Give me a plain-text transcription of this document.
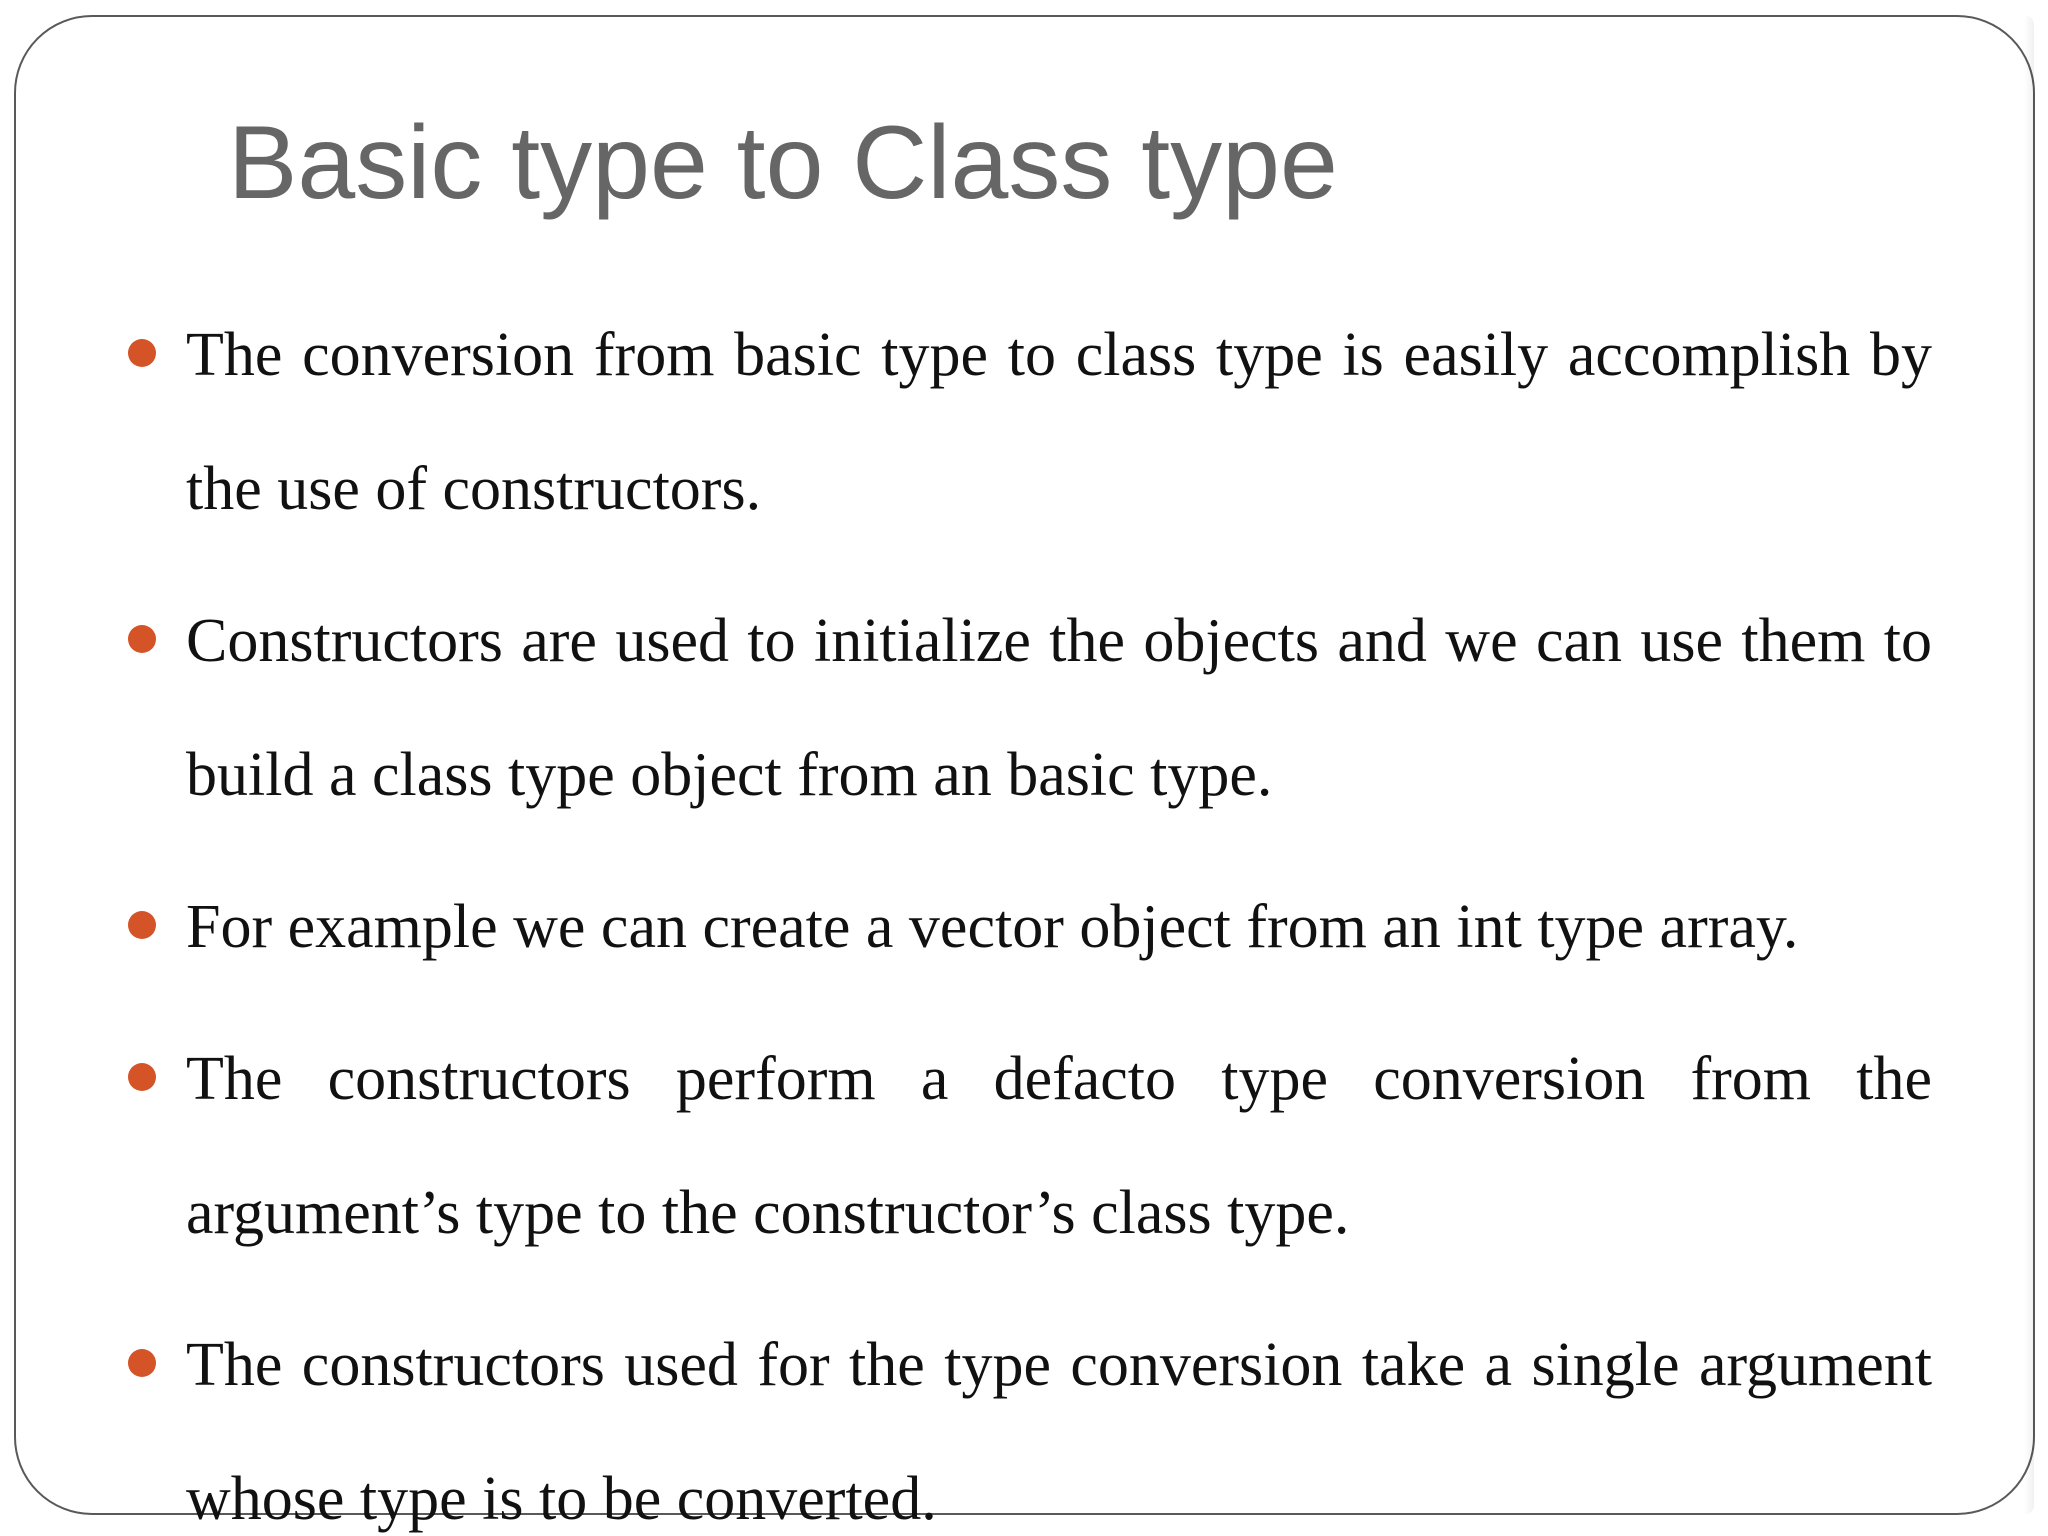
Basic type to Class type
The conversion from basic type to class type is easily accomplish by the use of constructors.
Constructors are used to initialize the objects and we can use them to build a class type object from an basic type.
For example we can create a vector object from an int type array.
The constructors perform a defacto type conversion from the argument’s type to the constructor’s class type.
The constructors used for the type conversion take a single argument whose type is to be converted.
